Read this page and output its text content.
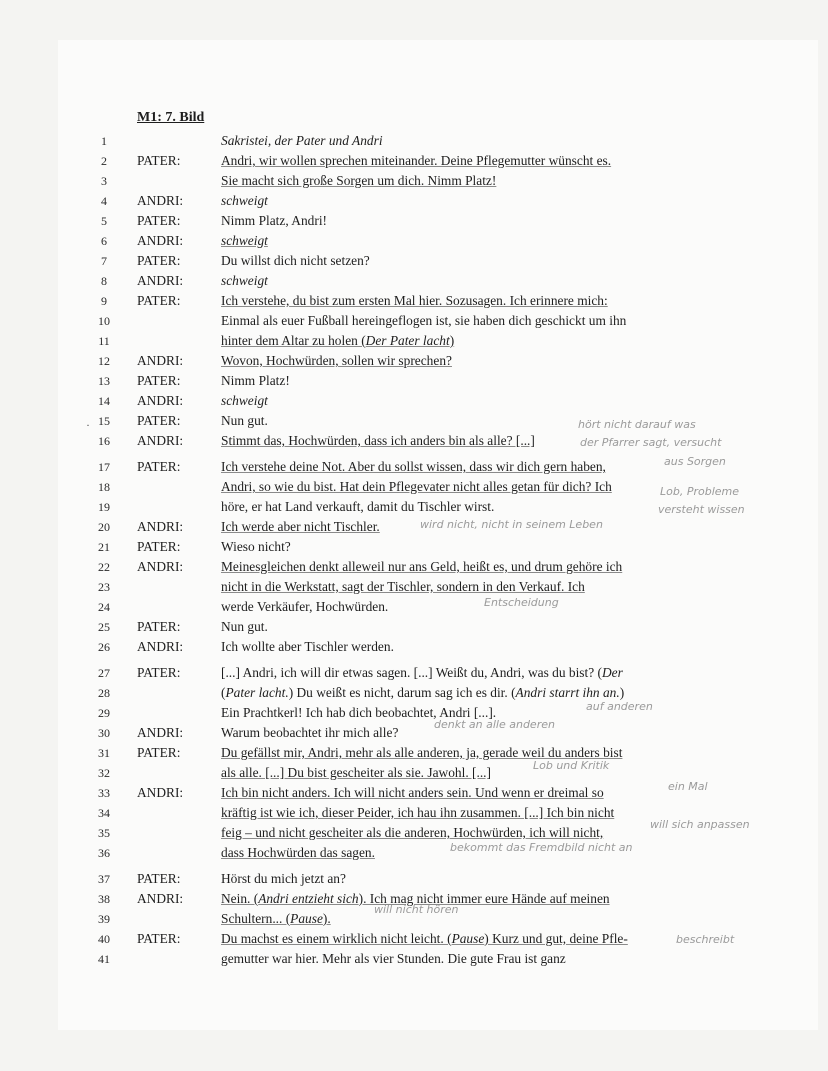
M1: 7. Bild
1	Sakristei, der Pater und Andri
2	PATER:	Andri, wir wollen sprechen miteinander. Deine Pflegemutter wünscht es.
3	Sie macht sich große Sorgen um dich. Nimm Platz!
4	ANDRI:	schweigt
5	PATER:	Nimm Platz, Andri!
6	ANDRI:	schweigt
7	PATER:	Du willst dich nicht setzen?
8	ANDRI:	schweigt
9	PATER:	Ich verstehe, du bist zum ersten Mal hier. Sozusagen. Ich erinnere mich:
10	Einmal als euer Fußball hereingeflogen ist, sie haben dich geschickt um ihn
11	hinter dem Altar zu holen (Der Pater lacht)
12	ANDRI:	Wovon, Hochwürden, sollen wir sprechen?
13	PATER:	Nimm Platz!
14	ANDRI:	schweigt
15	PATER:	Nun gut.
16	ANDRI:	Stimmt das, Hochwürden, dass ich anders bin als alle? [...]
17	PATER:	Ich verstehe deine Not. Aber du sollst wissen, dass wir dich gern haben,
18	Andri, so wie du bist. Hat dein Pflegevater nicht alles getan für dich? Ich
19	höre, er hat Land verkauft, damit du Tischler wirst.
20	ANDRI:	Ich werde aber nicht Tischler.
21	PATER:	Wieso nicht?
22	ANDRI:	Meinesgleichen denkt alleweil nur ans Geld, heißt es, und drum gehöre ich
23	nicht in die Werkstatt, sagt der Tischler, sondern in den Verkauf. Ich
24	werde Verkäufer, Hochwürden.
25	PATER:	Nun gut.
26	ANDRI:	Ich wollte aber Tischler werden.
27	PATER:	[...] Andri, ich will dir etwas sagen. [...] Weißt du, Andri, was du bist? (Der
28	(Pater lacht.) Du weißt es nicht, darum sag ich es dir. (Andri starrt ihn an.)
29	Ein Prachtkerl! Ich hab dich beobachtet, Andri [...].
30	ANDRI:	Warum beobachtet ihr mich alle?
31	PATER:	Du gefällst mir, Andri, mehr als alle anderen, ja, gerade weil du anders bist
32	als alle. [...] Du bist gescheiter als sie. Jawohl. [...]
33	ANDRI:	Ich bin nicht anders. Ich will nicht anders sein. Und wenn er dreimal so
34	kräftig ist wie ich, dieser Peider, ich hau ihn zusammen. [...] Ich bin nicht
35	feig – und nicht gescheiter als die anderen, Hochwürden, ich will nicht,
36	dass Hochwürden das sagen.
37	PATER:	Hörst du mich jetzt an?
38	ANDRI:	Nein. (Andri entzieht sich). Ich mag nicht immer eure Hände auf meinen
39	Schultern... (Pause).
40	PATER:	Du machst es einem wirklich nicht leicht. (Pause) Kurz und gut, deine Pfle-
41	gemutter war hier. Mehr als vier Stunden. Die gute Frau ist ganz
·	hört nicht darauf was
der Pfarrer sagt, versucht
aus Sorgen
Lob, Probleme
versteht wissen
wird nicht, nicht in seinem Leben
Entscheidung
auf anderen
denkt an alle anderen
Lob und Kritik
ein Mal
will nicht hören
bekommt das Fremdbild nicht an
will sich anpassen
beschreibt
